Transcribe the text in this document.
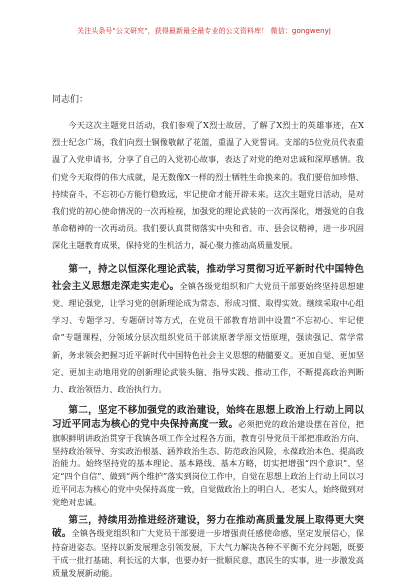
关注头条号"公文研究"，获得最新最全最专业的公文资料库！ 微信：gongwenyj
同志们：

今天这次主题党日活动，我们参观了X烈士故居，了解了X烈士的英雄事迹，在X烈士纪念广场，我们向烈士铜像敬献了花篮，重温了入党誓词。支部的5位党员代表重温了入党申请书，分享了自己的入党初心故事，表达了对党的绝对忠诚和深厚感情。我们党今天取得的伟大成就，是无数像X一样的烈士牺牲生命换来的。我们要倍加珍惜、持续奋斗，不忘初心方能行稳致远，牢记使命才能开辟未来。这次主题党日活动，是对我们党的初心使命情况的一次再检视，加强党的理论武装的一次再深化，增强党的自我革命精神的一次再动员。我们要认真贯彻落实中央和省、市、县会议精神，进一步巩固深化主题教育成果，保持党的生机活力，凝心聚力推动高质量发展。

第一，持之以恒深化理论武装，推动学习贯彻习近平新时代中国特色社会主义思想走深走实走心。全镇各级党组织和广大党员干部要始终坚持思想建党、理论强党，让学习党的创新理论成为常态、形成习惯、取得实效。继续采取中心组学习、专题学习、专题研讨等方式，在党员干部教育培训中设置“不忘初心、牢记使命”专题课程，分领域分层次组织党员干部读原著学原文悟原理，强读强记、常学常新，务求领会把握习近平新时代中国特色社会主义思想的精髓要义。更加自觉、更加坚定、更加主动地用党的创新理论武装头脑、指导实践、推动工作，不断提高政治判断力、政治领悟力、政治执行力。

第二，坚定不移加强党的政治建设，始终在思想上政治上行动上同以习近平同志为核心的党中央保持高度一致。必须把党的政治建设摆在首位，把旗帜鲜明讲政治贯穿于我镇各项工作全过程各方面，教育引导党员干部把准政治方向、坚持政治领导、夯实政治根基、涵养政治生态、防范政治风险，永葆政治本色、提高政治能力。始终坚持党的基本理论、基本路线、基本方略，切实把增强“四个意识”、坚定“四个自信”、做到“两个维护”落实到岗位工作中，自觉在思想上政治上行动上同以习近平同志为核心的党中央保持高度一致，自觉做政治上的明白人、老实人，始终做到对党绝对忠诚。

第三，持续用劲推进经济建设，努力在推动高质量发展上取得更大突破。全镇各级党组织和广大党员干部要进一步增强责任感使命感，坚定发展信心，保持奋进姿态。坚持以新发展理念引领发展，下大气力解决各种不平衡不充分问题，既要干成一批打基础、利长远的大事，也要办好一批顺民意、惠民生的实事，进一步激发高质量发展新动能。
